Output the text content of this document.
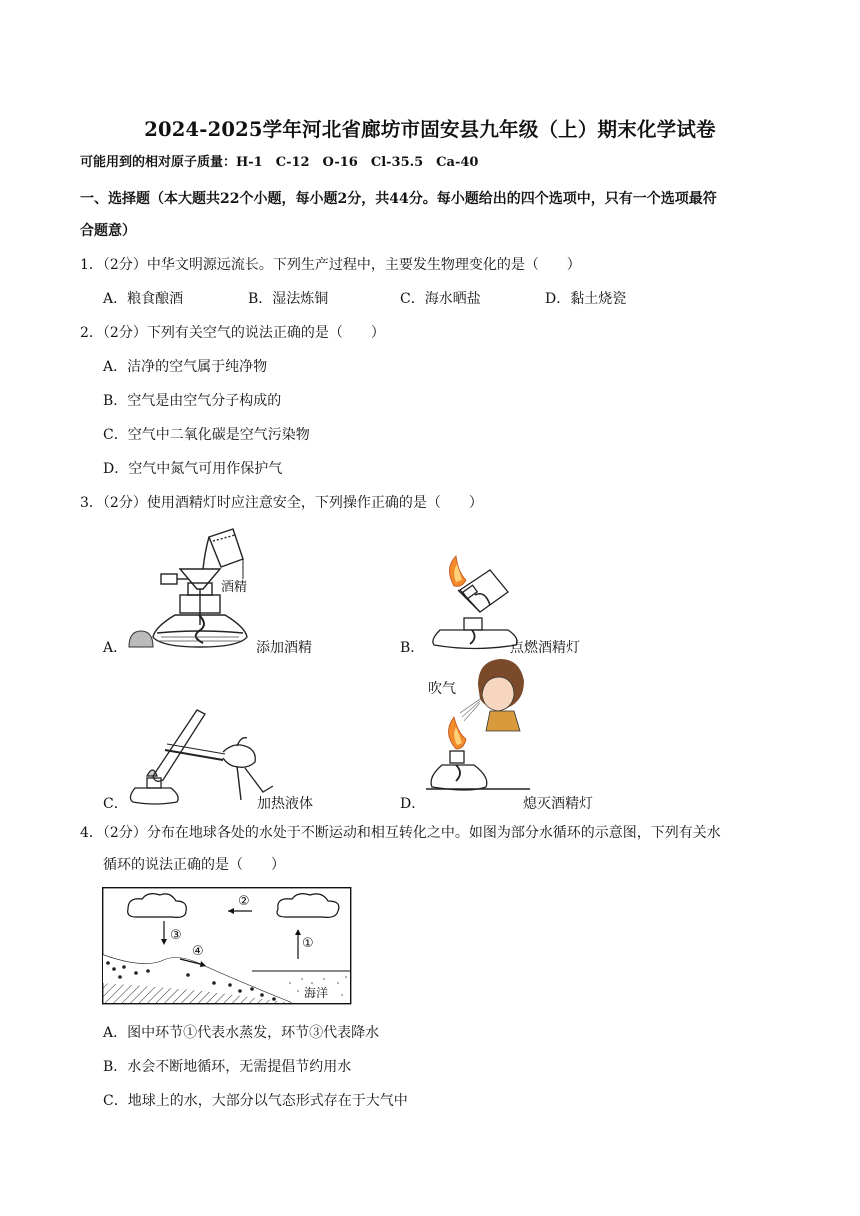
2024-2025学年河北省廊坊市固安县九年级（上）期末化学试卷
可能用到的相对原子质量：H-1　C-12　O-16　Cl-35.5　Ca-40
一、选择题（本大题共22个小题，每小题2分，共44分。每小题给出的四个选项中，只有一个选项最符
合题意）
1．（2分）中华文明源远流长。下列生产过程中，主要发生物理变化的是（　　）
A．粮食酿酒	B．湿法炼铜	C．海水晒盐	D．黏土烧瓷
2．（2分）下列有关空气的说法正确的是（　　）
A．洁净的空气属于纯净物
B．空气是由空气分子构成的
C．空气中二氧化碳是空气污染物
D．空气中氮气可用作保护气
3．（2分）使用酒精灯时应注意安全，下列操作正确的是（　　）
酒精
A．	添加酒精	B．	点燃酒精灯
C．	加热液体
吹气
D．	熄灭酒精灯
4．（2分）分布在地球各处的水处于不断运动和相互转化之中。如图为部分水循环的示意图，下列有关水
循环的说法正确的是（　　）
海洋
②
③
④
①
A．图中环节①代表水蒸发，环节③代表降水
B．水会不断地循环，无需提倡节约用水
C．地球上的水，大部分以气态形式存在于大气中
